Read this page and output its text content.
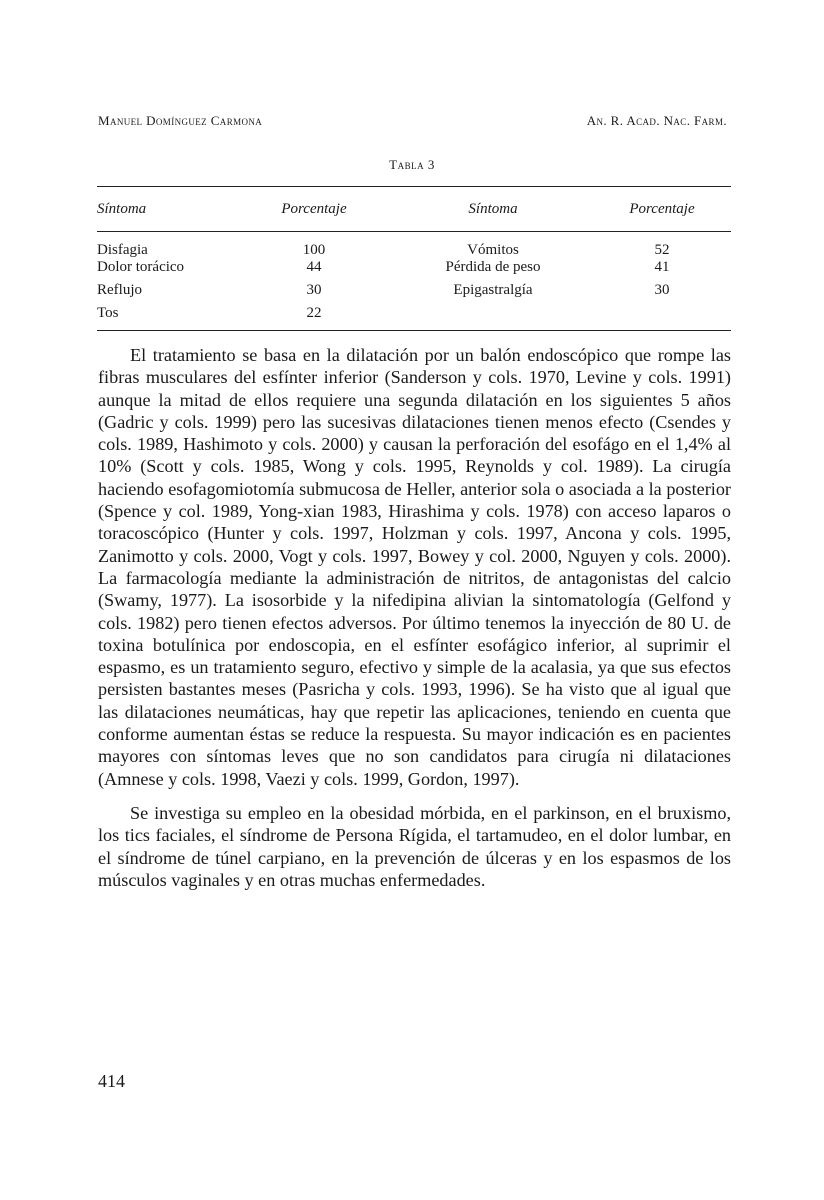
Manuel Domínguez Carmona	An. R. Acad. Nac. Farm.
Tabla 3
Síntoma	Porcentaje	Síntoma	Porcentaje
Disfagia	100	Vómitos	52
Dolor torácico	44	Pérdida de peso	41
Reflujo	30	Epigastralgía	30
Tos	22		

El tratamiento se basa en la dilatación por un balón endoscópico que rompe las fibras musculares del esfínter inferior (Sanderson y cols. 1970, Levine y cols. 1991) aunque la mitad de ellos requiere una segunda dilatación en los siguientes 5 años (Gadric y cols. 1999) pero las sucesivas dilataciones tienen menos efecto (Csendes y cols. 1989, Hashimoto y cols. 2000) y causan la perforación del esofágo en el 1,4% al 10% (Scott y cols. 1985, Wong y cols. 1995, Reynolds y col. 1989). La cirugía haciendo esofagomiotomía submucosa de Heller, anterior sola o asociada a la posterior (Spence y col. 1989, Yong-xian 1983, Hirashima y cols. 1978) con acceso laparos o toracoscópico (Hunter y cols. 1997, Holzman y cols. 1997, Ancona y cols. 1995, Zanimotto y cols. 2000, Vogt y cols. 1997, Bowey y col. 2000, Nguyen y cols. 2000). La farmacología mediante la administración de nitritos, de antagonistas del calcio (Swamy, 1977). La isosorbide y la nifedipina alivian la sintomatología (Gelfond y cols. 1982) pero tienen efectos adversos. Por último tenemos la inyección de 80 U. de toxina botulínica por endoscopia, en el esfínter esofágico inferior, al suprimir el espasmo, es un tratamiento seguro, efectivo y simple de la acalasia, ya que sus efectos persisten bastantes meses (Pasricha y cols. 1993, 1996). Se ha visto que al igual que las dilataciones neumáticas, hay que repetir las aplicaciones, teniendo en cuenta que conforme aumentan éstas se reduce la respuesta. Su mayor indicación es en pacientes mayores con síntomas leves que no son candidatos para cirugía ni dilataciones (Amnese y cols. 1998, Vaezi y cols. 1999, Gordon, 1997).

Se investiga su empleo en la obesidad mórbida, en el parkinson, en el bruxismo, los tics faciales, el síndrome de Persona Rígida, el tartamudeo, en el dolor lumbar, en el síndrome de túnel carpiano, en la prevención de úlceras y en los espasmos de los músculos vaginales y en otras muchas enfermedades.

414
